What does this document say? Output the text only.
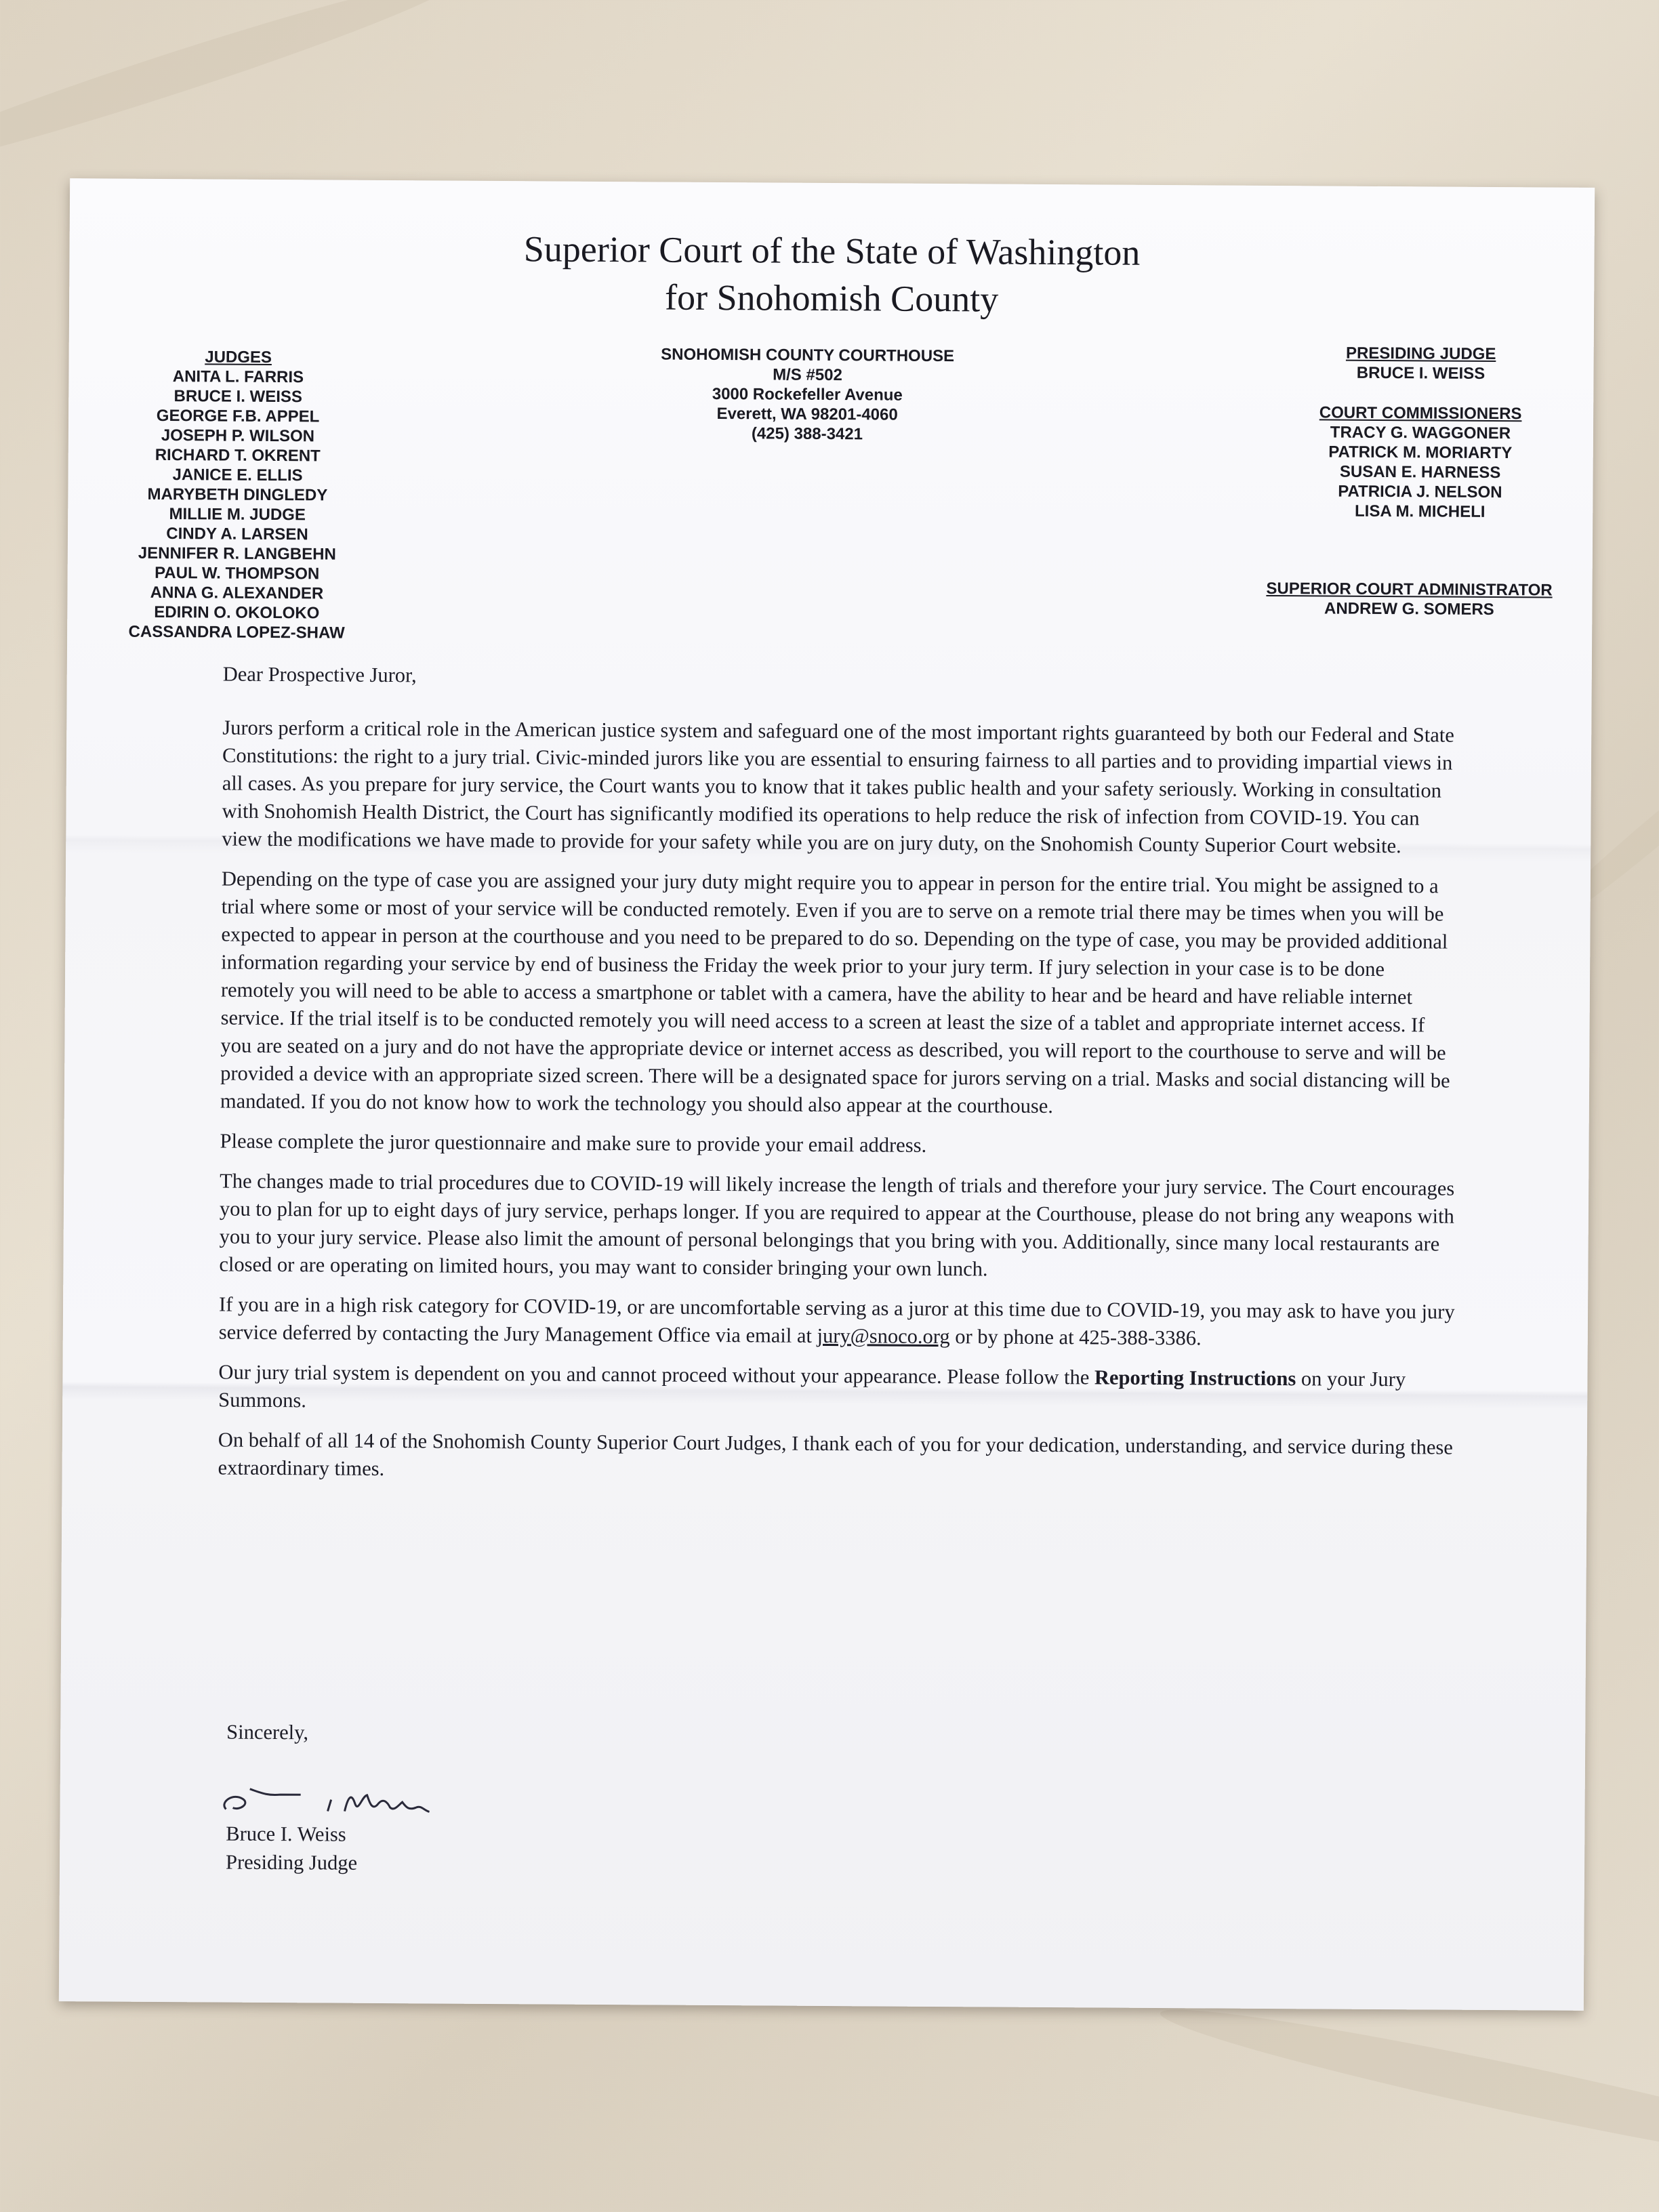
Superior Court of the State of Washington
for Snohomish County
JUDGES
ANITA L. FARRIS
BRUCE I. WEISS
GEORGE F.B. APPEL
JOSEPH P. WILSON
RICHARD T. OKRENT
JANICE E. ELLIS
MARYBETH DINGLEDY
MILLIE M. JUDGE
CINDY A. LARSEN
JENNIFER R. LANGBEHN
PAUL W. THOMPSON
ANNA G. ALEXANDER
EDIRIN O. OKOLOKO
CASSANDRA LOPEZ-SHAW
SNOHOMISH COUNTY COURTHOUSE
M/S #502
3000 Rockefeller Avenue
Everett, WA 98201-4060
(425) 388-3421
PRESIDING JUDGE
BRUCE I. WEISS
COURT COMMISSIONERS
TRACY G. WAGGONER
PATRICK M. MORIARTY
SUSAN E. HARNESS
PATRICIA J. NELSON
LISA M. MICHELI
SUPERIOR COURT ADMINISTRATOR
ANDREW G. SOMERS

Dear Prospective Juror,

Jurors perform a critical role in the American justice system and safeguard one of the most important rights guaranteed by both our Federal and State Constitutions: the right to a jury trial. Civic-minded jurors like you are essential to ensuring fairness to all parties and to providing impartial views in all cases. As you prepare for jury service, the Court wants you to know that it takes public health and your safety seriously. Working in consultation with Snohomish Health District, the Court has significantly modified its operations to help reduce the risk of infection from COVID-19. You can view the modifications we have made to provide for your safety while you are on jury duty, on the Snohomish County Superior Court website.

Depending on the type of case you are assigned your jury duty might require you to appear in person for the entire trial. You might be assigned to a trial where some or most of your service will be conducted remotely. Even if you are to serve on a remote trial there may be times when you will be expected to appear in person at the courthouse and you need to be prepared to do so. Depending on the type of case, you may be provided additional information regarding your service by end of business the Friday the week prior to your jury term. If jury selection in your case is to be done remotely you will need to be able to access a smartphone or tablet with a camera, have the ability to hear and be heard and have reliable internet service. If the trial itself is to be conducted remotely you will need access to a screen at least the size of a tablet and appropriate internet access. If you are seated on a jury and do not have the appropriate device or internet access as described, you will report to the courthouse to serve and will be provided a device with an appropriate sized screen. There will be a designated space for jurors serving on a trial. Masks and social distancing will be mandated. If you do not know how to work the technology you should also appear at the courthouse.

Please complete the juror questionnaire and make sure to provide your email address.

The changes made to trial procedures due to COVID-19 will likely increase the length of trials and therefore your jury service. The Court encourages you to plan for up to eight days of jury service, perhaps longer. If you are required to appear at the Courthouse, please do not bring any weapons with you to your jury service. Please also limit the amount of personal belongings that you bring with you. Additionally, since many local restaurants are closed or are operating on limited hours, you may want to consider bringing your own lunch.

If you are in a high risk category for COVID-19, or are uncomfortable serving as a juror at this time due to COVID-19, you may ask to have you jury service deferred by contacting the Jury Management Office via email at jury@snoco.org or by phone at 425-388-3386.

Our jury trial system is dependent on you and cannot proceed without your appearance. Please follow the Reporting Instructions on your Jury Summons.

On behalf of all 14 of the Snohomish County Superior Court Judges, I thank each of you for your dedication, understanding, and service during these extraordinary times.

Sincerely,
Bruce I. Weiss
Presiding Judge
